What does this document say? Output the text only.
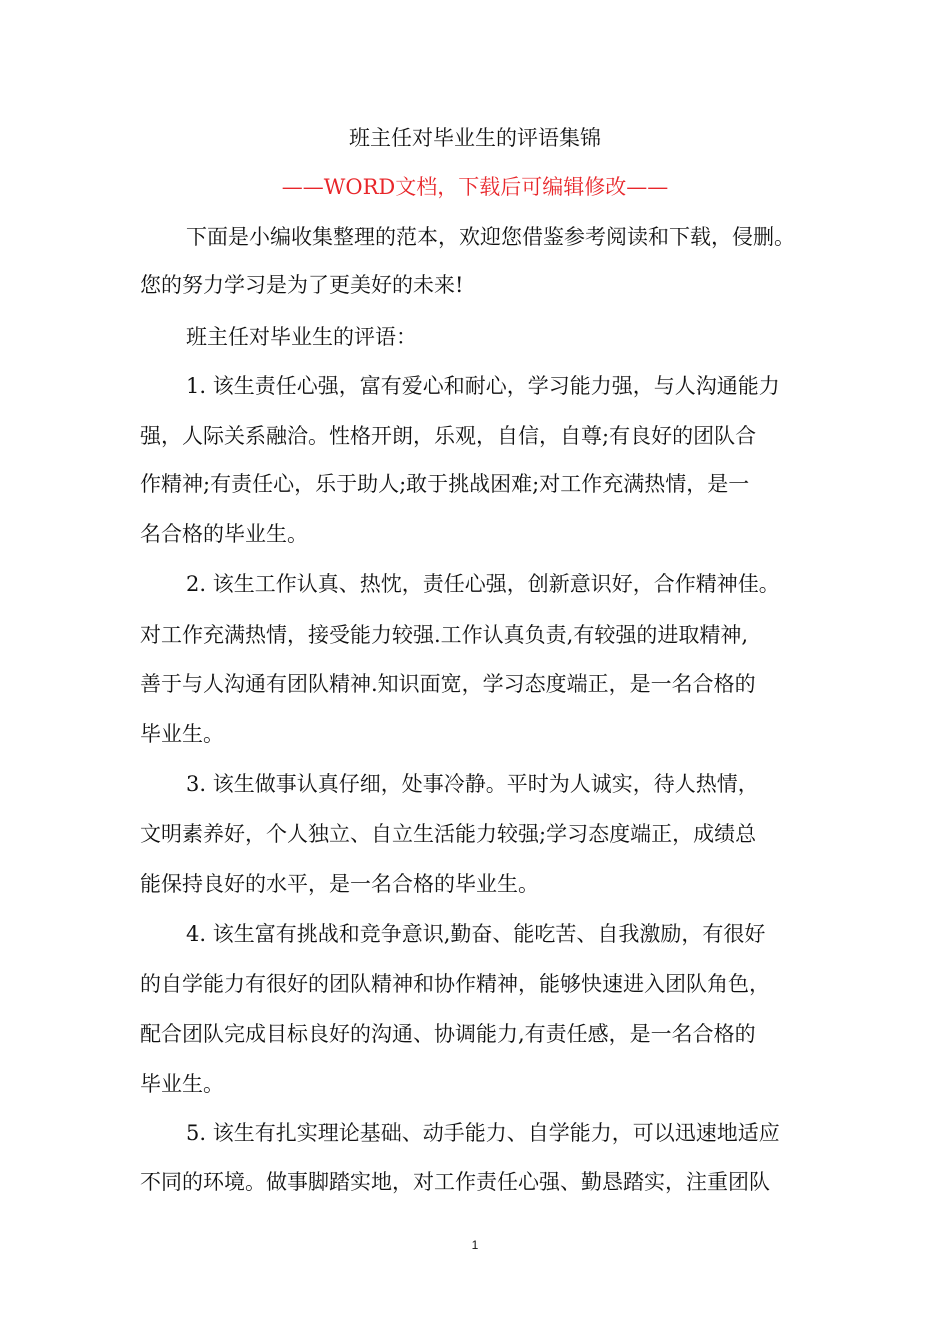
班主任对毕业生的评语集锦
——WORD文档，下载后可编辑修改——
下面是小编收集整理的范本，欢迎您借鉴参考阅读和下载，侵删。
您的努力学习是为了更美好的未来!
班主任对毕业生的评语：
1. 该生责任心强，富有爱心和耐心，学习能力强，与人沟通能力
强，人际关系融洽。性格开朗，乐观，自信，自尊;有良好的团队合
作精神;有责任心，乐于助人;敢于挑战困难;对工作充满热情，是一
名合格的毕业生。
2. 该生工作认真、热忱，责任心强，创新意识好，合作精神佳。
对工作充满热情，接受能力较强.工作认真负责,有较强的进取精神,
善于与人沟通有团队精神.知识面宽，学习态度端正，是一名合格的
毕业生。
3. 该生做事认真仔细，处事冷静。平时为人诚实，待人热情，
文明素养好，个人独立、自立生活能力较强;学习态度端正，成绩总
能保持良好的水平，是一名合格的毕业生。
4. 该生富有挑战和竞争意识,勤奋、能吃苦、自我激励，有很好
的自学能力有很好的团队精神和协作精神，能够快速进入团队角色，
配合团队完成目标良好的沟通、协调能力,有责任感，是一名合格的
毕业生。
5. 该生有扎实理论基础、动手能力、自学能力，可以迅速地适应
不同的环境。做事脚踏实地，对工作责任心强、勤恳踏实，注重团队
1
